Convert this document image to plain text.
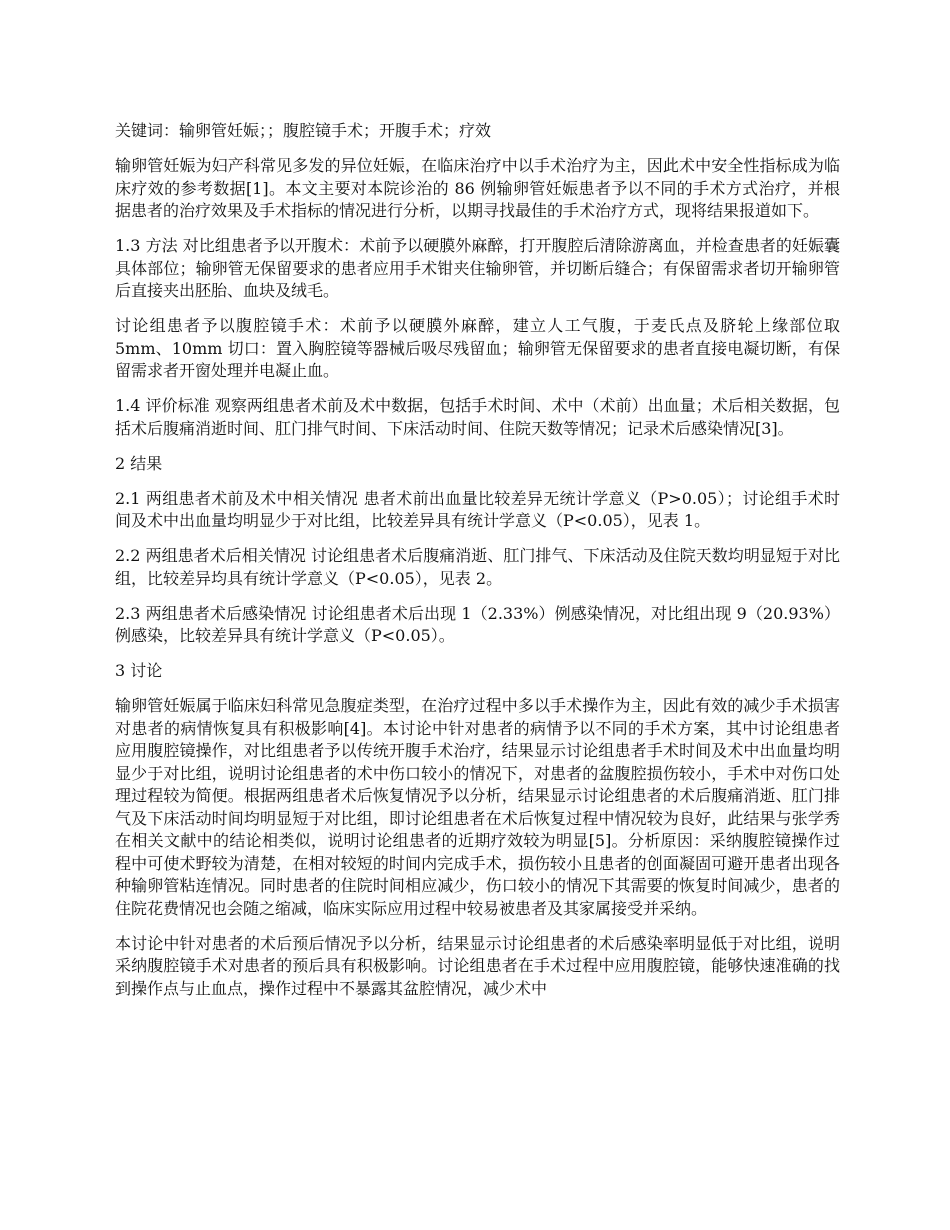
关键词：输卵管妊娠；；腹腔镜手术；开腹手术；疗效

输卵管妊娠为妇产科常见多发的异位妊娠，在临床治疗中以手术治疗为主，因此术中安全性指标成为临床疗效的参考数据[1]。本文主要对本院诊治的 86 例输卵管妊娠患者予以不同的手术方式治疗，并根据患者的治疗效果及手术指标的情况进行分析，以期寻找最佳的手术治疗方式，现将结果报道如下。

1.3 方法 对比组患者予以开腹术：术前予以硬膜外麻醉，打开腹腔后清除游离血，并检查患者的妊娠囊具体部位；输卵管无保留要求的患者应用手术钳夹住输卵管，并切断后缝合；有保留需求者切开输卵管后直接夹出胚胎、血块及绒毛。

讨论组患者予以腹腔镜手术：术前予以硬膜外麻醉，建立人工气腹，于麦氏点及脐轮上缘部位取 5mm、10mm 切口：置入胸腔镜等器械后吸尽残留血；输卵管无保留要求的患者直接电凝切断，有保留需求者开窗处理并电凝止血。

1.4 评价标准 观察两组患者术前及术中数据，包括手术时间、术中（术前）出血量；术后相关数据，包括术后腹痛消逝时间、肛门排气时间、下床活动时间、住院天数等情况；记录术后感染情况[3]。

2 结果

2.1 两组患者术前及术中相关情况 患者术前出血量比较差异无统计学意义（P>0.05）；讨论组手术时间及术中出血量均明显少于对比组，比较差异具有统计学意义（P<0.05），见表 1。

2.2 两组患者术后相关情况 讨论组患者术后腹痛消逝、肛门排气、下床活动及住院天数均明显短于对比组，比较差异均具有统计学意义（P<0.05），见表 2。

2.3 两组患者术后感染情况 讨论组患者术后出现 1（2.33%）例感染情况，对比组出现 9（20.93%）例感染，比较差异具有统计学意义（P<0.05）。

3 讨论

输卵管妊娠属于临床妇科常见急腹症类型，在治疗过程中多以手术操作为主，因此有效的减少手术损害对患者的病情恢复具有积极影响[4]。本讨论中针对患者的病情予以不同的手术方案，其中讨论组患者应用腹腔镜操作，对比组患者予以传统开腹手术治疗，结果显示讨论组患者手术时间及术中出血量均明显少于对比组，说明讨论组患者的术中伤口较小的情况下，对患者的盆腹腔损伤较小，手术中对伤口处理过程较为简便。根据两组患者术后恢复情况予以分析，结果显示讨论组患者的术后腹痛消逝、肛门排气及下床活动时间均明显短于对比组，即讨论组患者在术后恢复过程中情况较为良好，此结果与张学秀在相关文献中的结论相类似，说明讨论组患者的近期疗效较为明显[5]。分析原因：采纳腹腔镜操作过程中可使术野较为清楚，在相对较短的时间内完成手术，损伤较小且患者的创面凝固可避开患者出现各种输卵管粘连情况。同时患者的住院时间相应减少，伤口较小的情况下其需要的恢复时间减少，患者的住院花费情况也会随之缩减，临床实际应用过程中较易被患者及其家属接受并采纳。

本讨论中针对患者的术后预后情况予以分析，结果显示讨论组患者的术后感染率明显低于对比组，说明采纳腹腔镜手术对患者的预后具有积极影响。讨论组患者在手术过程中应用腹腔镜，能够快速准确的找到操作点与止血点，操作过程中不暴露其盆腔情况，减少术中
